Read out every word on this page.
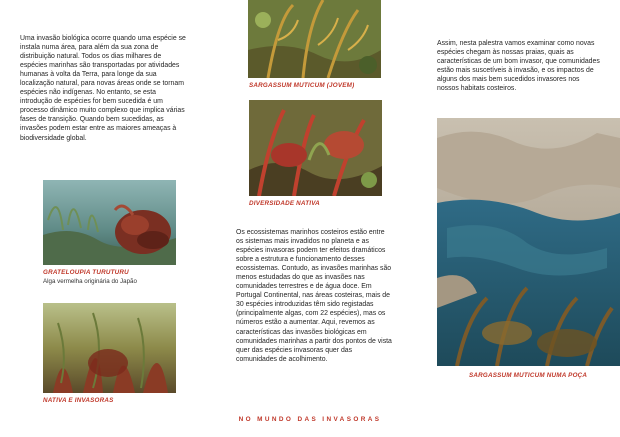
Uma invasão biológica ocorre quando uma espécie se instala numa área, para além da sua zona de distribuição natural. Todos os dias milhares de espécies marinhas são transportadas por atividades humanas à volta da Terra, para longe da sua localização natural, para novas áreas onde se tornam espécies não indígenas. No entanto, se esta introdução de espécies for bem sucedida é um processo dinâmico muito complexo que implica várias fases de transição. Quando bem sucedidas, as invasões podem estar entre as maiores ameaças à biodiversidade global.
GRATELOUPIA TURUTURU
Alga vermelha originária do Japão
NATIVA E INVASORAS
SARGASSUM MUTICUM (JOVEM)
DIVERSIDADE NATIVA
Os ecossistemas marinhos costeiros estão entre os sistemas mais invadidos no planeta e as espécies invasoras podem ter efeitos dramáticos sobre a estrutura e funcionamento desses ecossistemas. Contudo, as invasões marinhas são menos estudadas do que as invasões nas comunidades terrestres e de água doce. Em Portugal Continental, nas áreas costeiras, mais de 30 espécies introduzidas têm sido registadas (principalmente algas, com 22 espécies), mas os números estão a aumentar. Aqui, revemos as características das invasões biológicas em comunidades marinhas a partir dos pontos de vista quer das espécies invasoras quer das comunidades de acolhimento.
Assim, nesta palestra vamos examinar como novas espécies chegam às nossas praias, quais as características de um bom invasor, que comunidades estão mais suscetíveis à invasão, e os impactos de alguns dos mais bem sucedidos invasores nos nossos habitats costeiros.
SARGASSUM MUTICUM NUMA POÇA
NO MUNDO DAS INVASORAS
